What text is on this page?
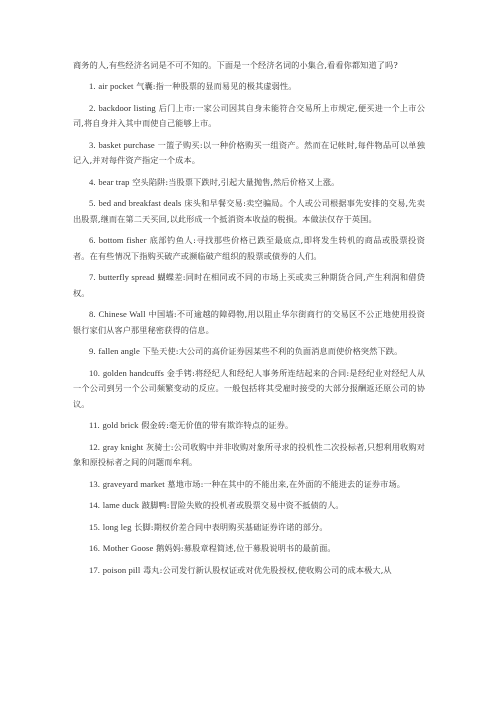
商务的人,有些经济名词是不可不知的。下面是一个经济名词的小集合,看看你都知道了吗?

1. air pocket 气囊:指一种股票的显而易见的极其虚弱性。

2. backdoor listing 后门上市:一家公司因其自身未能符合交易所上市规定,便买进一个上市公司,将自身并入其中而使自己能够上市。

3. basket purchase 一篮子购买:以一种价格购买一组资产。然而在记帐时,每件物品可以单独记入,并对每件资产指定一个成本。

4. bear trap 空头陷阱:当股票下跌时,引起大量抛售,然后价格又上涨。

5. bed and breakfast deals 床头和早餐交易:卖空骗局。个人或公司根据事先安排的交易,先卖出股票,继而在第二天买回,以此形成一个抵消资本收益的税损。本做法仅存于英国。

6. bottom fisher 底部钓鱼人:寻找那些价格已跌至最底点,即将发生转机的商品或股票投资者。在有些情况下指购买破产或濒临破产组织的股票或债券的人们。

7. butterfly spread 蝴蝶差:同时在相同或不同的市场上买或卖三种期货合同,产生利润和借贷权。

8. Chinese Wall 中国墙:不可逾越的障碍物,用以阻止华尔街商行的交易区不公正地使用投资银行家们从客户那里秘密获得的信息。

9. fallen angle 下坠天使:大公司的高价证券因某些不利的负面消息而使价格突然下跌。

10. golden handcuffs 金手铐:将经纪人和经纪人事务所连结起来的合同:是经纪业对经纪人从一个公司到另一个公司频繁变动的反应。一般包括将其受雇时接受的大部分报酬返还原公司的协议。

11. gold brick 假金砖:毫无价值的带有欺诈特点的证券。

12. gray knight 灰骑士:公司收购中并非收购对象所寻求的投机性二次投标者,只想利用收购对象和原投标者之间的问题而牟利。

13. graveyard market 墓地市场:一种在其中的不能出来,在外面的不能进去的证券市场。

14. lame duck 跛脚鸭:冒险失败的投机者或股票交易中资不抵债的人。

15. long leg 长脚:期权价差合同中表明购买基础证券许诺的部分。

16. Mother Goose 鹅妈妈:募股章程简述,位于募股说明书的最前面。

17. poison pill 毒丸:公司发行新认股权证或对优先股授权,使收购公司的成本极大,从
